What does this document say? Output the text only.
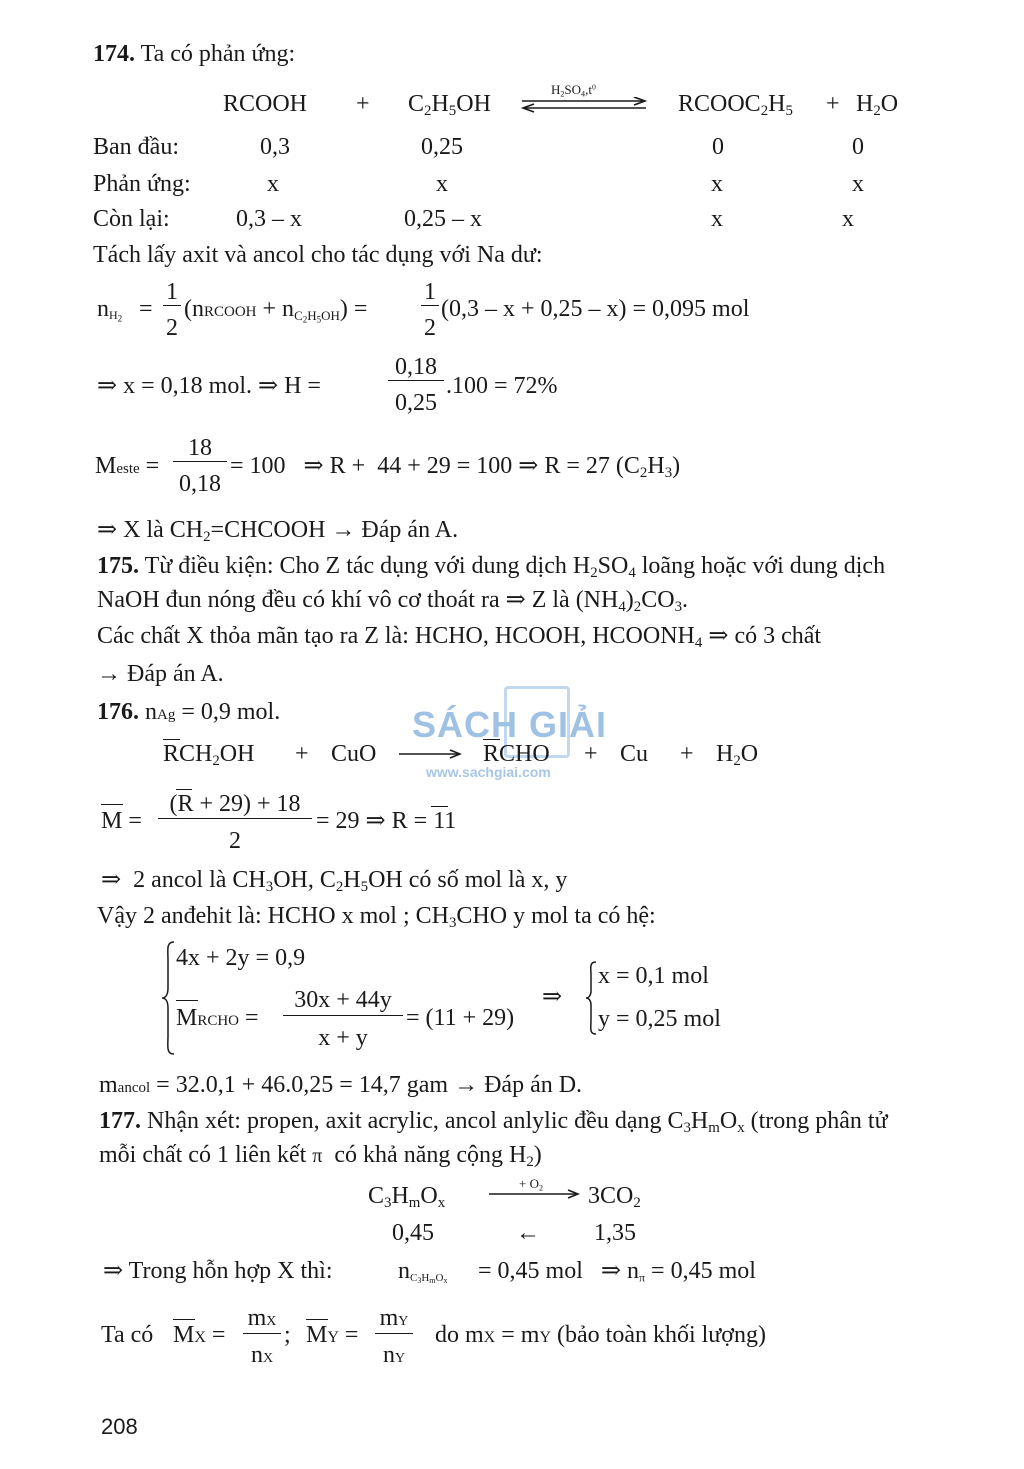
174. Ta có phản ứng:
RCOOH + $C_2H_5OH$
$H_2SO_4,t^0$
$RCOOC_2H_5 + H_2O$
Ban đầu:	0,3	0,25	0	0
Phản ứng:	x	x	x	x
Còn lại:	0,3 – x	0,25 – x	x	x
Tách lấy axit và ancol cho tác dụng với Na dư:
$n_{H_2}$ =
1
2
(nRCOOH + $n_{C_2H_5OH}$) =
1
2
(0,3 – x + 0,25 – x) = 0,095 mol
⇒ x = 0,18 mol. ⇒ H =
0,18
0,25
.100 = 72%
Meste =
18
0,18
= 100   ⇒ R +  44 + 29 = 100 ⇒ R = 27 $(C_2H_3)$
⇒ X là $CH_2=CHCOOH$ → Đáp án A.
175. Từ điều kiện: Cho Z tác dụng với dung dịch $H_2SO_4$ loãng hoặc với dung dịch
NaOH đun nóng đều có khí vô cơ thoát ra ⇒ Z là $(NH_4)_2CO_3$.
Các chất X thỏa mãn tạo ra Z là: HCHO, HCOOH, $HCOONH_4$ ⇒ có 3 chất
→ Đáp án A.
176. nAg = 0,9 mol.	SÁCH GIẢI
www.sachgiai.com
$RCH_2OH$ + CuO → RCHO + $Cu + H_2O$
M =
(R + 29) + 18
2
= 29 ⇒ R = 11
⇒  2 ancol là $CH_3OH$, $C_2H_5OH$ có số mol là x, y
Vậy 2 anđehit là: HCHO x mol ; $CH_3CHO$ y mol ta có hệ:
4x + 2y = 0,9
MRCHO =
30x + 44y
x + y
= (11 + 29)
⇒
x = 0,1 mol
y = 0,25 mol
mancol = 32.0,1 + 46.0,25 = 14,7 gam → Đáp án D.
177. Nhận xét: propen, axit acrylic, ancol anlylic đều dạng $C_3H_mO_x$ (trong phân tử
mỗi chất có 1 liên kết π  có khả năng cộng $H_2$)
$C_3H_mO_x$
+ $O_2 \to 3CO_2$
0,45	← 1,35
⇒ Trong hỗn hợp X thì:	$n_{C_3H_mO_x} = 0,45$ mol   ⇒ $n_\pi = 0,45$ mol
Ta có MX =
mX
nX
; MY =
mY
nY
do mX = mY (bảo toàn khối lượng)
208
